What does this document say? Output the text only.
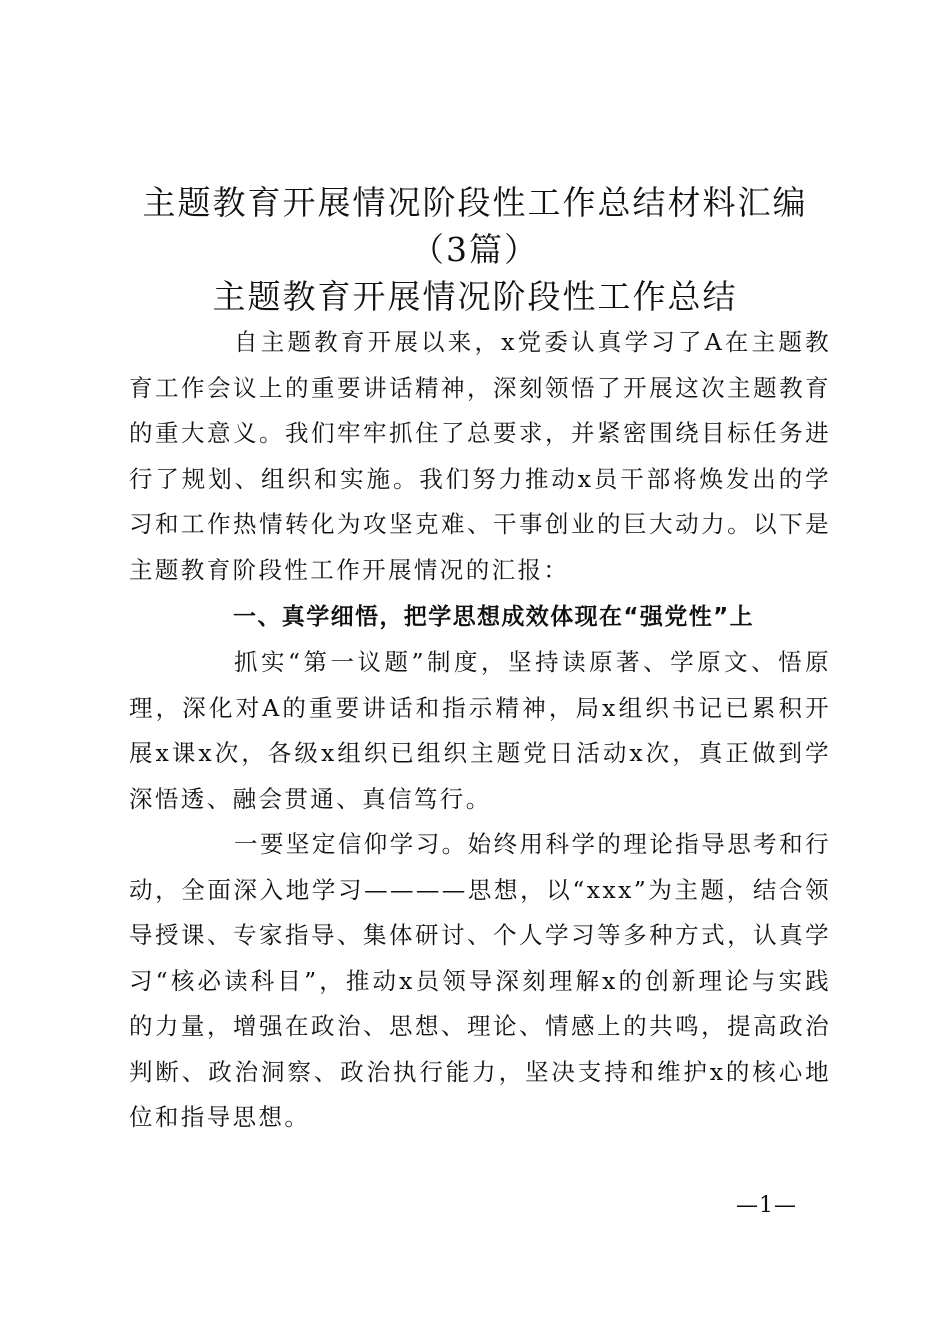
主题教育开展情况阶段性工作总结材料汇编
（3篇）
主题教育开展情况阶段性工作总结

自主题教育开展以来，x党委认真学习了A在主题教育工作会议上的重要讲话精神，深刻领悟了开展这次主题教育的重大意义。我们牢牢抓住了总要求，并紧密围绕目标任务进行了规划、组织和实施。我们努力推动x员干部将焕发出的学习和工作热情转化为攻坚克难、干事创业的巨大动力。以下是主题教育阶段性工作开展情况的汇报：

一、真学细悟，把学思想成效体现在“强党性”上

抓实“第一议题”制度，坚持读原著、学原文、悟原理，深化对A的重要讲话和指示精神，局x组织书记已累积开展x课x次，各级x组织已组织主题党日活动x次，真正做到学深悟透、融会贯通、真信笃行。

一要坚定信仰学习。始终用科学的理论指导思考和行动，全面深入地学习————思想，以“xxx”为主题，结合领导授课、专家指导、集体研讨、个人学习等多种方式，认真学习“核必读科目”，推动x员领导深刻理解x的创新理论与实践的力量，增强在政治、思想、理论、情感上的共鸣，提高政治判断、政治洞察、政治执行能力，坚决支持和维护x的核心地位和指导思想。

—1—
